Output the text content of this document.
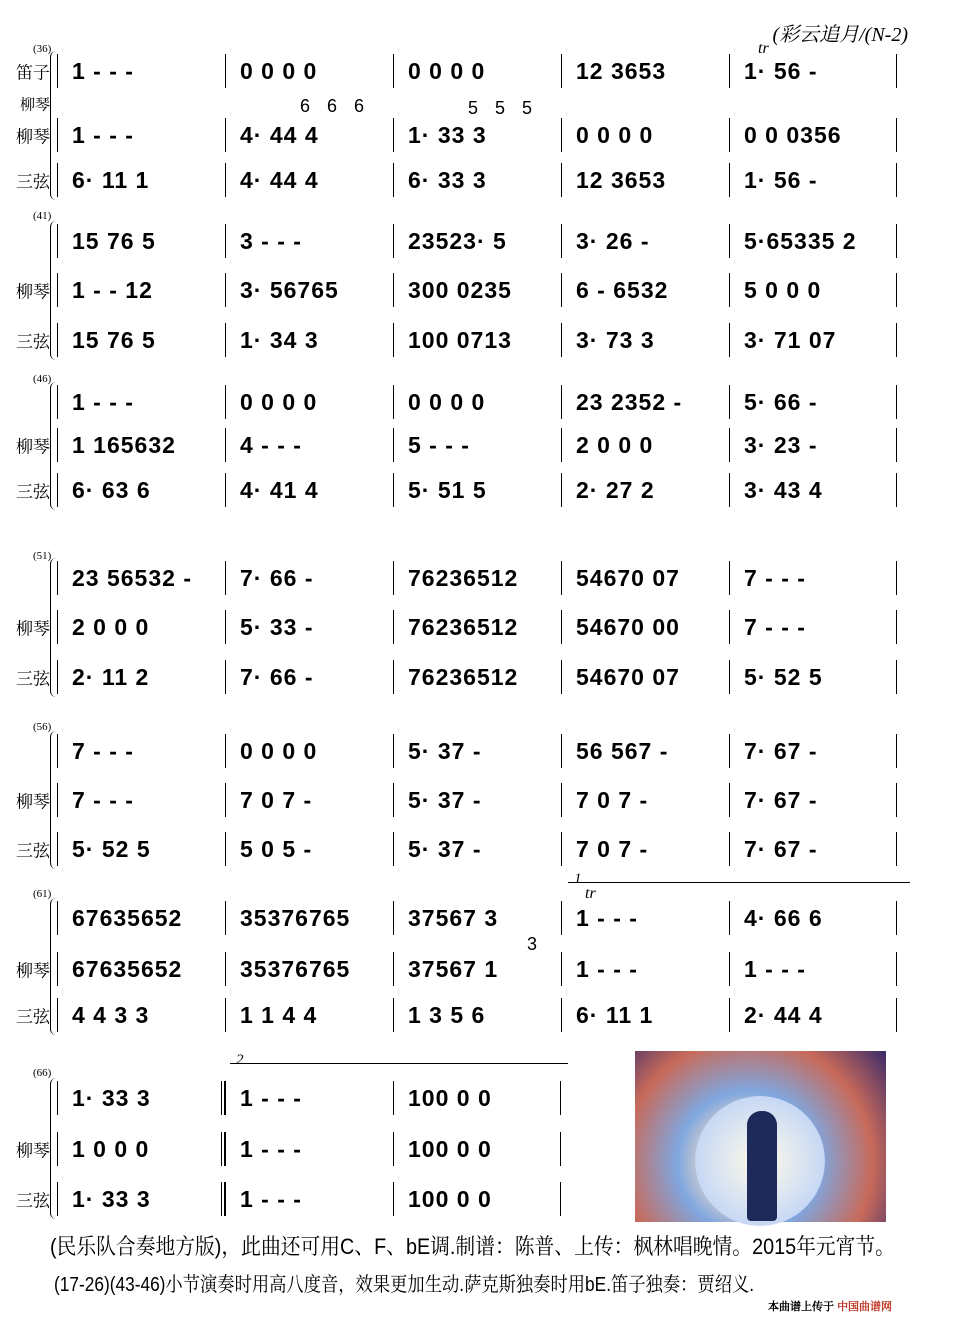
(彩云追月/(N-2)
(36)
笛子 1 - - -	0 0 0 0	0 0 0 0	12 3653	1· 56 -
柳琴 1 - - -	4· 44 4	1· 33 3	0 0 0 0	0 0 0356
三弦 6· 11 1	4· 44 4	6· 33 3	12 3653	1· 56 -
柳琴	6 6 6	5 5 5
tr
(41)
15 76 5	3 - - -	23523· 5	3· 26 -	5·65335 2
柳琴 1 - - 12	3· 56765	300 0235	6 - 6532	5 0 0 0
三弦 15 76 5	1· 34 3	100 0713	3· 73 3	3· 71 07
(46)
1 - - -	0 0 0 0	0 0 0 0	23 2352 -	5· 66 -
柳琴 1 165632	4 - - -	5 - - -	2 0 0 0	3· 23 -
三弦 6· 63 6	4· 41 4	5· 51 5	2· 27 2	3· 43 4
(51)
23 56532 -	7· 66 -	76236512	54670 07	7 - - -
柳琴 2 0 0 0	5· 33 -	76236512	54670 00	7 - - -
三弦 2· 11 2	7· 66 -	76236512	54670 07	5· 52 5
(56)
7 - - -	0 0 0 0	5· 37 -	56 567 -	7· 67 -
柳琴 7 - - -	7 0 7 -	5· 37 -	7 0 7 -	7· 67 -
三弦 5· 52 5	5 0 5 -	5· 37 -	7 0 7 -	7· 67 -
(61)
67635652	35376765	37567 3	1 - - -	4· 66 6
柳琴 67635652	35376765	37567 1	1 - - -	1 - - -
三弦 4 4 3 3	1 1 4 4	1 3 5 6	6· 11 1	2· 44 4
3
tr
1
(66)
1· 33 3	1 - - -	100 0 0
柳琴 1 0 0 0	1 - - -	100 0 0
三弦 1· 33 3	1 - - -	100 0 0
2
(民乐队合奏地方版)，此曲还可用C、F、bE调.制谱：陈普、上传：枫林唱晚情。2015年元宵节。
(17-26)(43-46)小节演奏时用高八度音，效果更加生动.萨克斯独奏时用bE.笛子独奏：贾绍义.
本曲谱上传于 中国曲谱网
